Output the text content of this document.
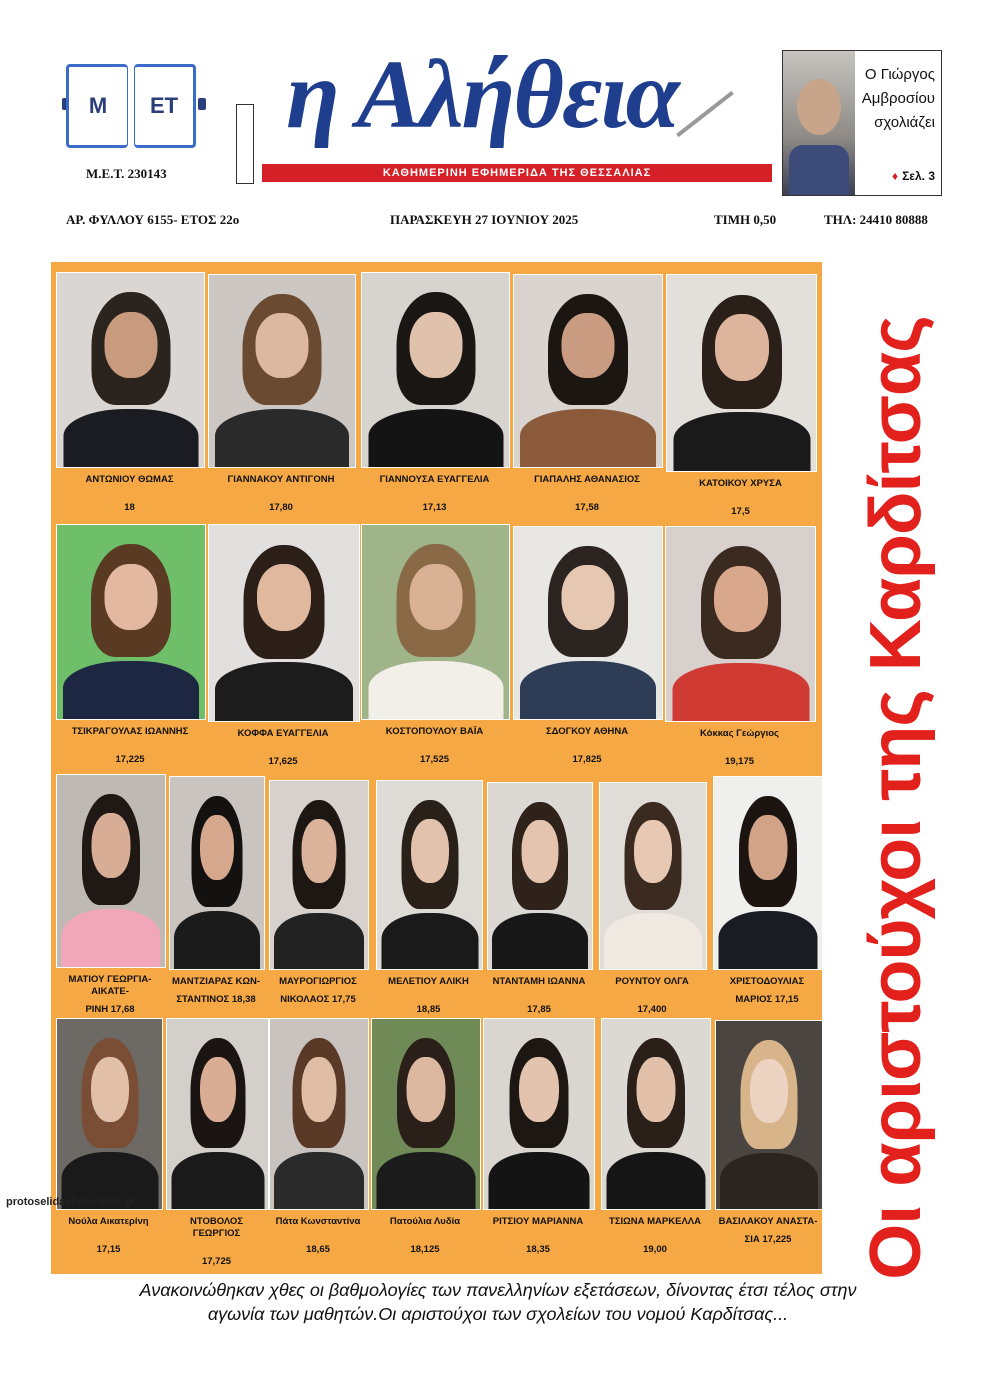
Μ	ΕΤ
Μ.Ε.Τ. 230143
η Αλήθεια
ΚΑΘΗΜΕΡΙΝΗ ΕΦΗΜΕΡΙΔΑ ΤΗΣ ΘΕΣΣΑΛΙΑΣ
Ο Γιώργος Αμβροσίου σχολιάζει
♦ Σελ. 3
ΑΡ. ΦΥΛΛΟΥ 6155- ΕΤΟΣ 22ο	ΠΑΡΑΣΚΕΥΗ 27 ΙΟΥΝΙΟΥ 2025	ΤΙΜΗ 0,50	ΤΗΛ: 24410 80888
ΑΝΤΩΝΙΟΥ ΘΩΜΑΣ
18
ΓΙΑΝΝΑΚΟΥ ΑΝΤΙΓΟΝΗ
17,80
ΓΙΑΝΝΟΥΣΑ ΕΥΑΓΓΕΛΙΑ
17,13
ΓΙΑΠΑΛΗΣ ΑΘΑΝΑΣΙΟΣ
17,58
ΚΑΤΟΙΚΟΥ ΧΡΥΣΑ
17,5
ΤΣΙΚΡΑΓΟΥΛΑΣ ΙΩΑΝΝΗΣ
17,225
ΚΟΦΦΑ ΕΥΑΓΓΕΛΙΑ
17,625
ΚΟΣΤΟΠΟΥΛΟΥ ΒΑΪΑ
17,525
ΣΔΟΓΚΟΥ ΑΘΗΝΑ
17,825
Κόκκας Γεώργιος
19,175
ΜΑΤΙΟΥ ΓΕΩΡΓΙΑ-ΑΙΚΑΤΕ-
ΡΙΝΗ 17,68
ΜΑΝΤΖΙΑΡΑΣ ΚΩΝ-
ΣΤΑΝΤΙΝΟΣ 18,38
ΜΑΥΡΟΓΙΩΡΓΙΟΣ
ΝΙΚΟΛΑΟΣ 17,75
ΜΕΛΕΤΙΟΥ ΑΛΙΚΗ
18,85
ΝΤΑΝΤΑΜΗ ΙΩΑΝΝΑ
17,85
ΡΟΥΝΤΟΥ ΟΛΓΑ
17,400
ΧΡΙΣΤΟΔΟΥΛΙΑΣ
ΜΑΡΙΟΣ 17,15
Νούλα Αικατερίνη
17,15
ΝΤΟΒΟΛΟΣ ΓΕΩΡΓΙΟΣ
17,725
Πάτα Κωνσταντίνα
18,65
Πατούλια Λυδία
18,125
ΡΙΤΣΙΟΥ ΜΑΡΙΑΝΝΑ
18,35
ΤΣΙΩΝΑ ΜΑΡΚΕΛΛΑ
19,00
ΒΑΣΙΛΑΚΟΥ ΑΝΑΣΤΑ-
ΣΙΑ 17,225
protoselidaefimeridon.gr	Οι αριστούχοι της Καρδίτσας
Ανακοινώθηκαν χθες οι βαθμολογίες των πανελληνίων εξετάσεων, δίνοντας έτσι τέλος στην
αγωνία των μαθητών.Οι αριστούχοι των σχολείων του νομού Καρδίτσας...
